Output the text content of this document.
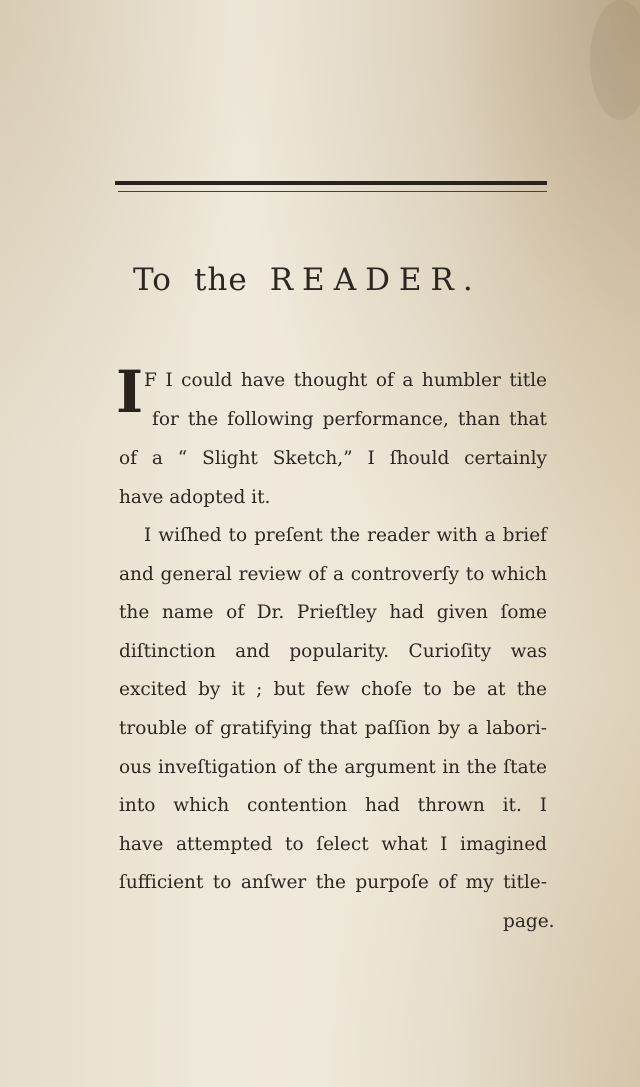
To the READER.
I F I could have thought of a humbler title
for the following performance, than that
of a “ Slight Sketch,” I ſhould certainly
have adopted it.
I wiſhed to preſent the reader with a brief
and general review of a controverſy to which
the name of Dr. Prieſtley had given ſome
diſtinction and popularity. Curioſity was
excited by it ; but few choſe to be at the
trouble of gratifying that paſſion by a labori-
ous inveſtigation of the argument in the ſtate
into which contention had thrown it. I
have attempted to ſelect what I imagined
ſufficient to anſwer the purpoſe of my title-
page.
